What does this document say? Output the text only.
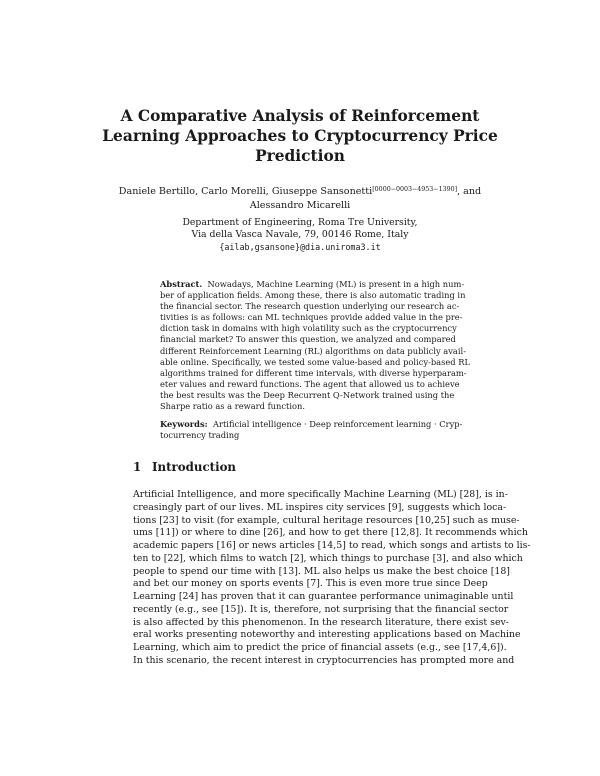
A Comparative Analysis of Reinforcement
Learning Approaches to Cryptocurrency Price
Prediction
Daniele Bertillo, Carlo Morelli, Giuseppe Sansonetti[0000−0003−4953−1390], and
Alessandro Micarelli
Department of Engineering, Roma Tre University,
Via della Vasca Navale, 79, 00146 Rome, Italy
{ailab,gsansone}@dia.uniroma3.it
Abstract. Nowadays, Machine Learning (ML) is present in a high num-
ber of application fields. Among these, there is also automatic trading in
the financial sector. The research question underlying our research ac-
tivities is as follows: can ML techniques provide added value in the pre-
diction task in domains with high volatility such as the cryptocurrency
financial market? To answer this question, we analyzed and compared
different Reinforcement Learning (RL) algorithms on data publicly avail-
able online. Specifically, we tested some value-based and policy-based RL
algorithms trained for different time intervals, with diverse hyperparam-
eter values and reward functions. The agent that allowed us to achieve
the best results was the Deep Recurrent Q-Network trained using the
Sharpe ratio as a reward function.
Keywords: Artificial intelligence · Deep reinforcement learning · Cryp-
tocurrency trading
1 Introduction
Artificial Intelligence, and more specifically Machine Learning (ML) [28], is in-
creasingly part of our lives. ML inspires city services [9], suggests which loca-
tions [23] to visit (for example, cultural heritage resources [10,25] such as muse-
ums [11]) or where to dine [26], and how to get there [12,8]. It recommends which
academic papers [16] or news articles [14,5] to read, which songs and artists to lis-
ten to [22], which films to watch [2], which things to purchase [3], and also which
people to spend our time with [13]. ML also helps us make the best choice [18]
and bet our money on sports events [7]. This is even more true since Deep
Learning [24] has proven that it can guarantee performance unimaginable until
recently (e.g., see [15]). It is, therefore, not surprising that the financial sector
is also affected by this phenomenon. In the research literature, there exist sev-
eral works presenting noteworthy and interesting applications based on Machine
Learning, which aim to predict the price of financial assets (e.g., see [17,4,6]).
In this scenario, the recent interest in cryptocurrencies has prompted more and
